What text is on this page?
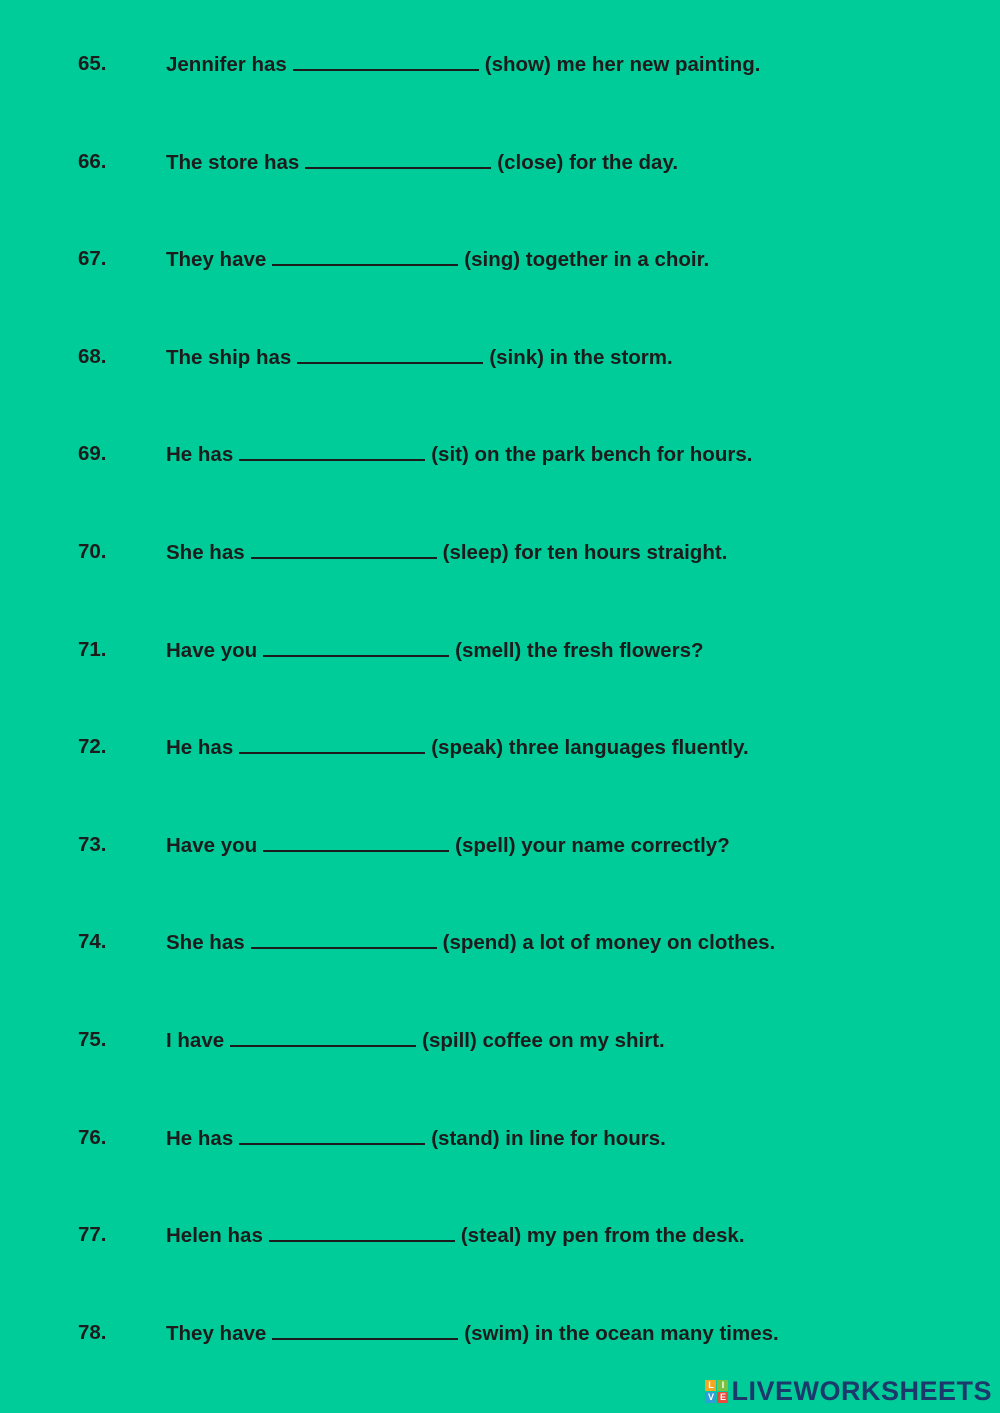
65.	Jennifer has	(show) me her new painting.
66.	The store has	(close) for the day.
67.	They have	(sing) together in a choir.
68.	The ship has	(sink) in the storm.
69.	He has	(sit) on the park bench for hours.
70.	She has	(sleep) for ten hours straight.
71.	Have you	(smell) the fresh flowers?
72.	He has	(speak) three languages fluently.
73.	Have you	(spell) your name correctly?
74.	She has	(spend) a lot of money on clothes.
75.	I have	(spill) coffee on my shirt.
76.	He has	(stand) in line for hours.
77.	Helen has	(steal) my pen from the desk.
78.	They have	(swim) in the ocean many times.
L I
V E LIVEWORKSHEETS
